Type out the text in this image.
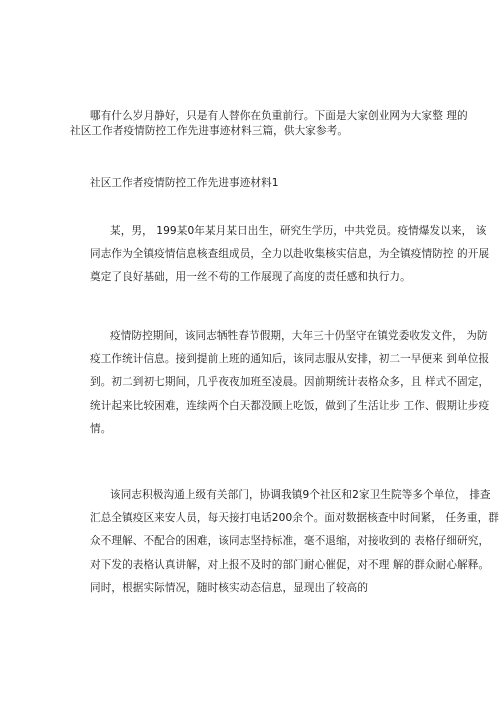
哪有什么岁月静好，只是有人替你在负重前行。下面是大家创业网为大家整 理的
社区工作者疫情防控工作先进事迹材料三篇，供大家参考。
社区工作者疫情防控工作先进事迹材料1
某，男， 199某0年某月某日出生，研究生学历，中共党员。疫情爆发以来， 该
同志作为全镇疫情信息核查组成员，全力以赴收集核实信息，为全镇疫情防控 的开展
奠定了良好基础，用一丝不苟的工作展现了高度的责任感和执行力。
疫情防控期间，该同志牺牲春节假期，大年三十仍坚守在镇党委收发文件， 为防
疫工作统计信息。接到提前上班的通知后，该同志服从安排，初二一早便来 到单位报
到。初二到初七期间，几乎夜夜加班至凌晨。因前期统计表格众多，且 样式不固定，
统计起来比较困难，连续两个白天都没顾上吃饭，做到了生活让步 工作、假期让步疫
情。
该同志积极沟通上级有关部门，协调我镇9个社区和2家卫生院等多个单位， 排查
汇总全镇疫区来安人员，每天接打电话200余个。面对数据核查中时间紧， 任务重，群
众不理解、不配合的困难，该同志坚持标准，毫不退缩，对接收到的 表格仔细研究，
对下发的表格认真讲解，对上报不及时的部门耐心催促，对不理 解的群众耐心解释。
同时，根据实际情况，随时核实动态信息，显现出了较高的
